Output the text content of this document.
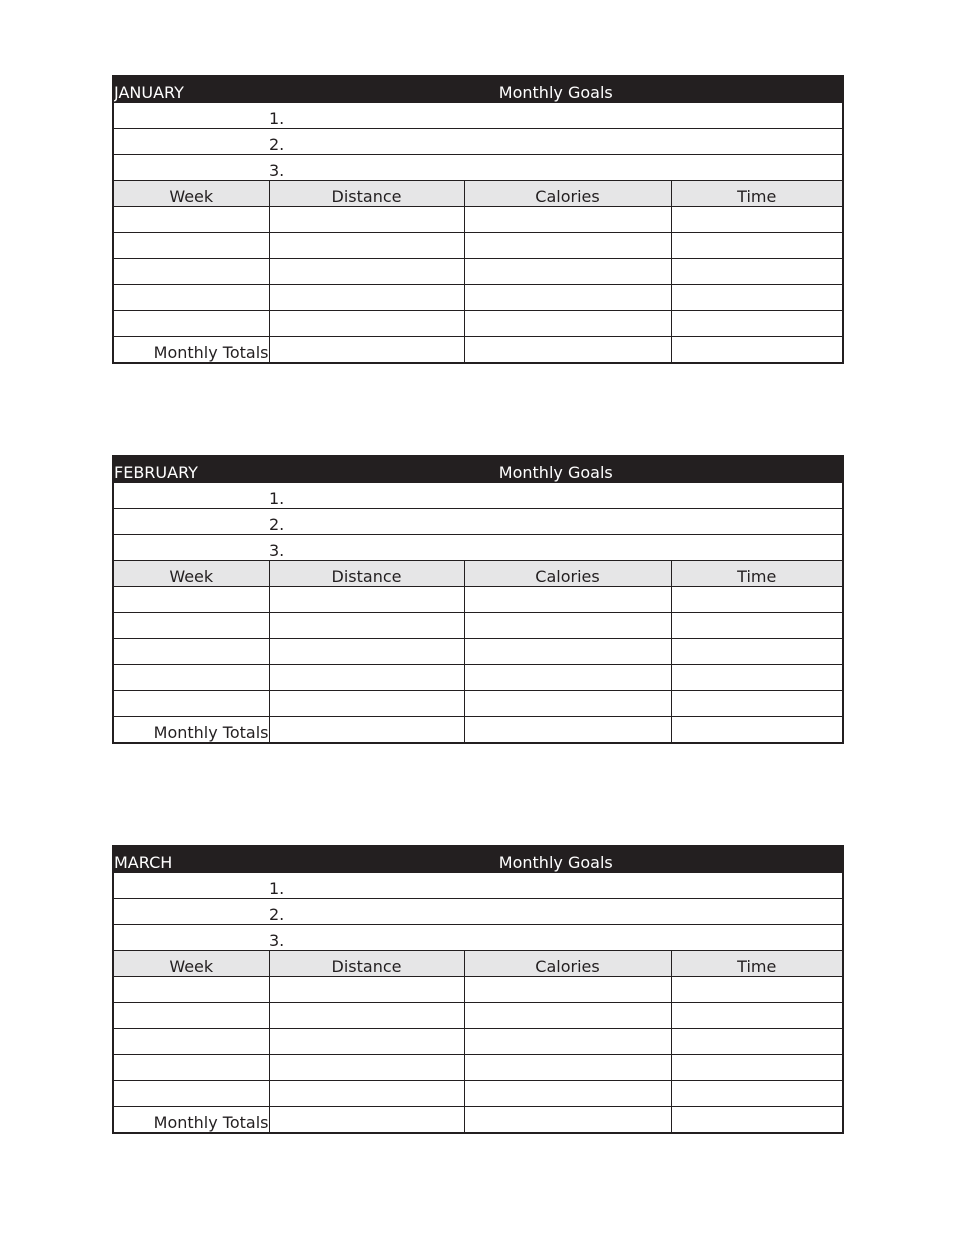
JANUARY	Monthly Goals		
	1.		
	2.		
	3.		
Week	Distance	Calories	Time

Monthly Totals			
FEBRUARY	Monthly Goals		
	1.		
	2.		
	3.		
Week	Distance	Calories	Time

Monthly Totals			
MARCH	Monthly Goals		
	1.		
	2.		
	3.		
Week	Distance	Calories	Time

Monthly Totals			
